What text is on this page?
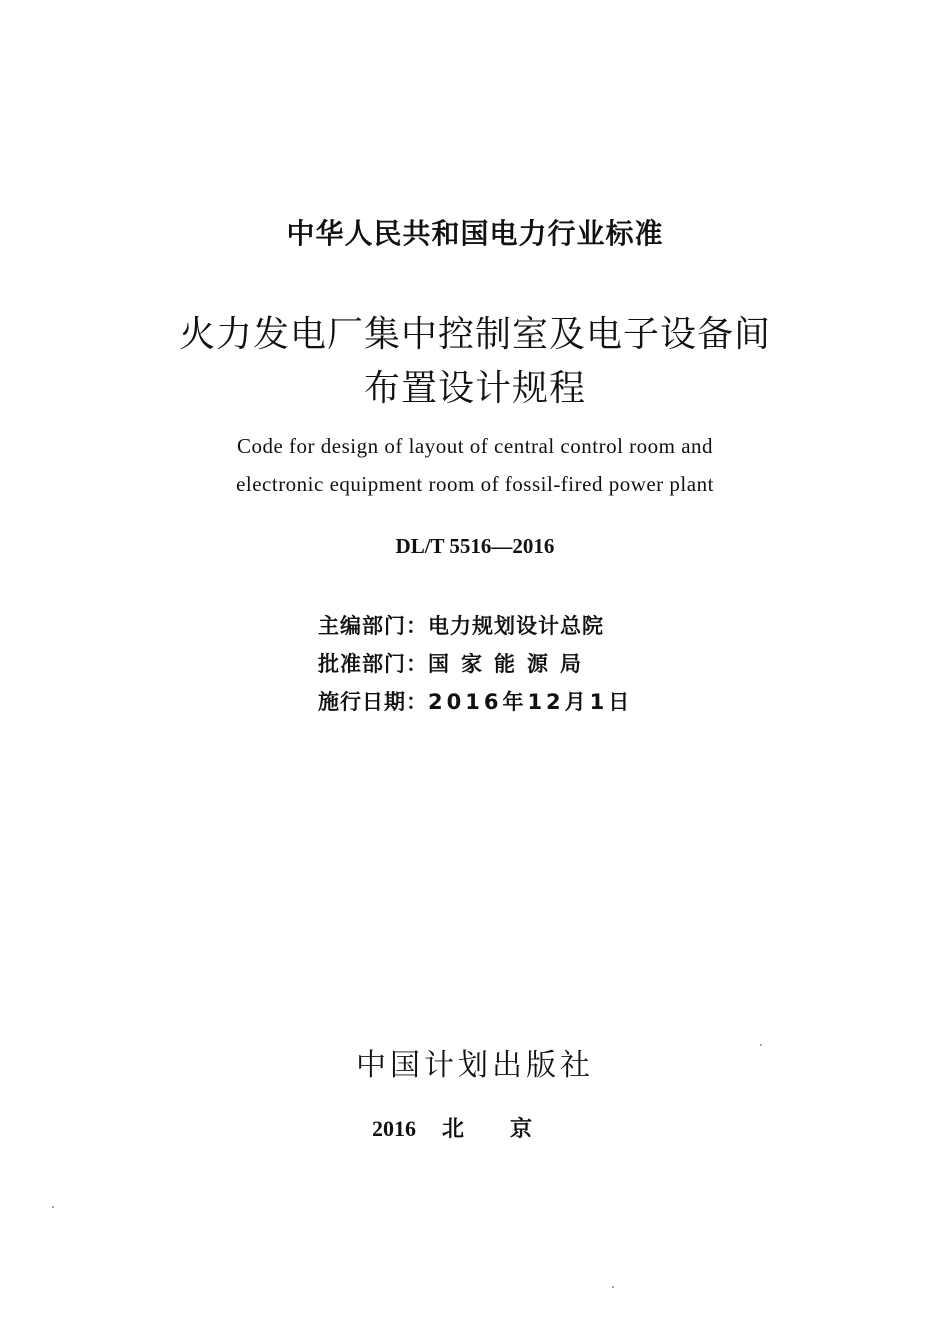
中华人民共和国电力行业标准
火力发电厂集中控制室及电子设备间
布置设计规程
Code for design of layout of central control room and
electronic equipment room of fossil-fired power plant
DL/T 5516—2016
主编部门：电力规划设计总院
批准部门：国家能源局
施行日期：2016年12月1日
中国计划出版社
2016 北京
